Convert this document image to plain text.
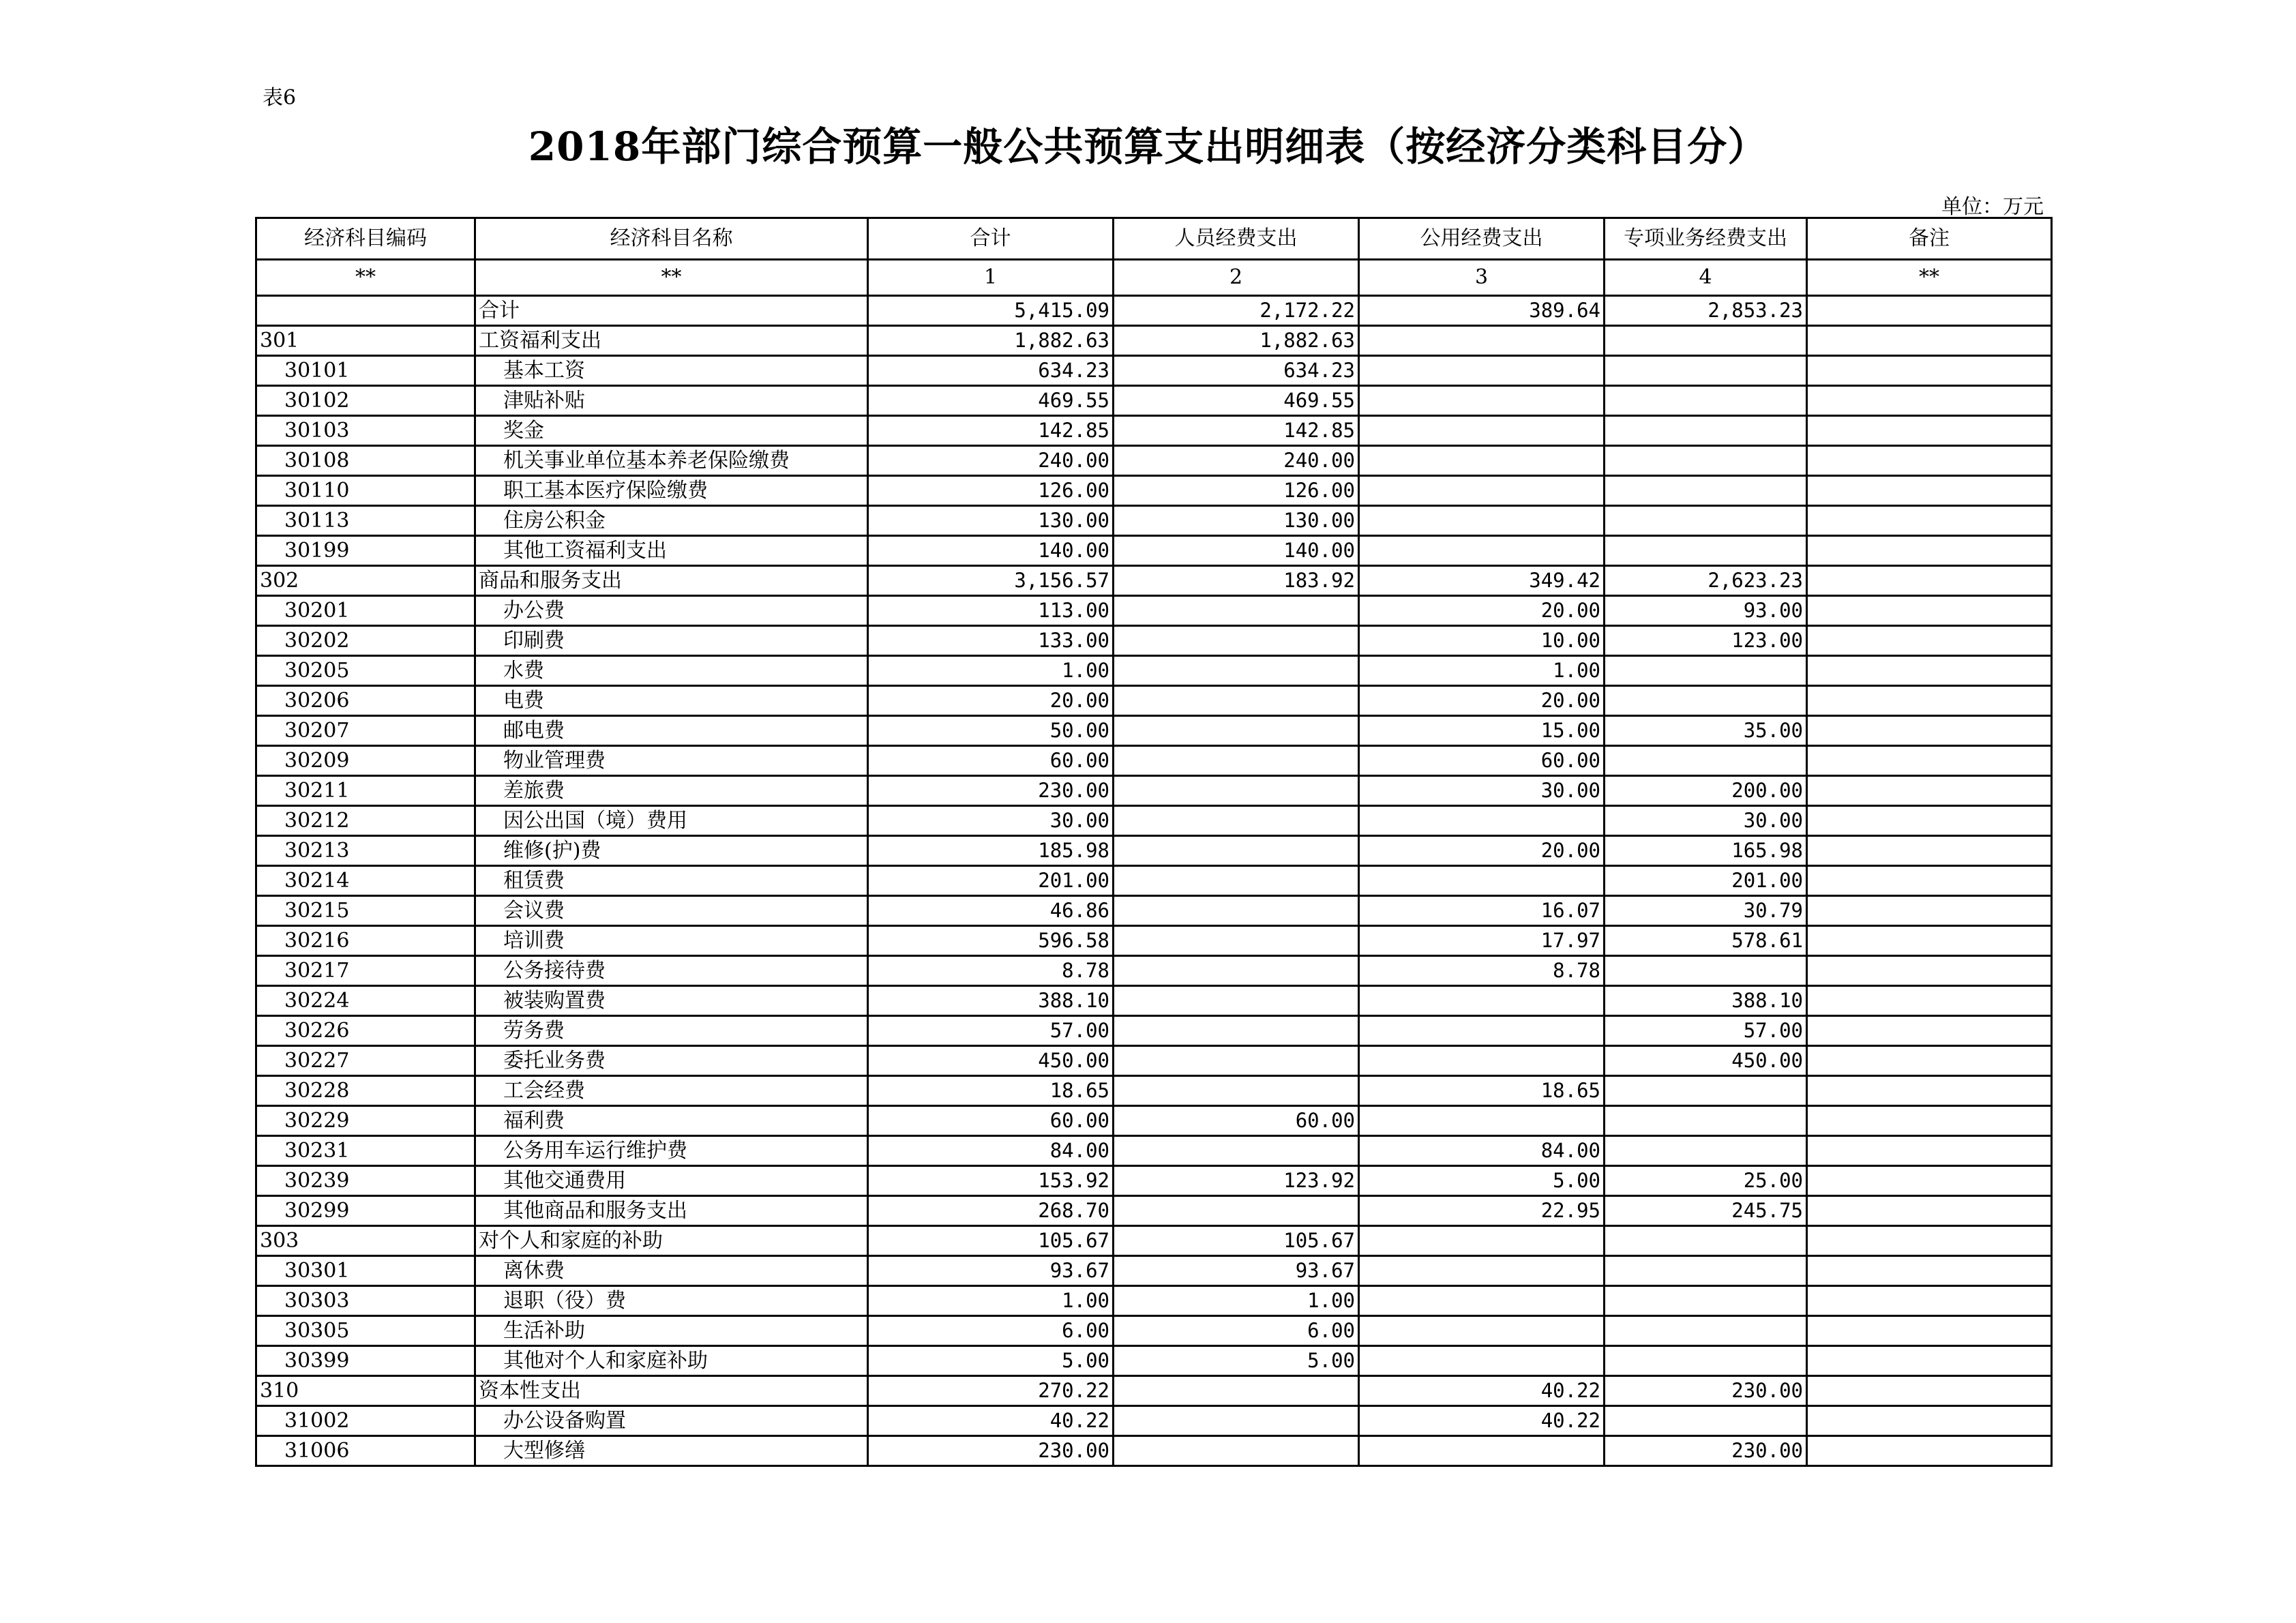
表6
2018年部门综合预算一般公共预算支出明细表（按经济分类科目分）
单位：万元
经济科目编码	经济科目名称	合计	人员经费支出	公用经费支出	专项业务经费支出	备注
**	**	1	2	3	4	**
	合计	5,415.09	2,172.22	389.64	2,853.23	
301	工资福利支出	1,882.63	1,882.63			
30101	基本工资	634.23	634.23			
30102	津贴补贴	469.55	469.55			
30103	奖金	142.85	142.85			
30108	机关事业单位基本养老保险缴费	240.00	240.00			
30110	职工基本医疗保险缴费	126.00	126.00			
30113	住房公积金	130.00	130.00			
30199	其他工资福利支出	140.00	140.00			
302	商品和服务支出	3,156.57	183.92	349.42	2,623.23	
30201	办公费	113.00		20.00	93.00	
30202	印刷费	133.00		10.00	123.00	
30205	水费	1.00		1.00		
30206	电费	20.00		20.00		
30207	邮电费	50.00		15.00	35.00	
30209	物业管理费	60.00		60.00		
30211	差旅费	230.00		30.00	200.00	
30212	因公出国（境）费用	30.00			30.00	
30213	维修(护)费	185.98		20.00	165.98	
30214	租赁费	201.00			201.00	
30215	会议费	46.86		16.07	30.79	
30216	培训费	596.58		17.97	578.61	
30217	公务接待费	8.78		8.78		
30224	被装购置费	388.10			388.10	
30226	劳务费	57.00			57.00	
30227	委托业务费	450.00			450.00	
30228	工会经费	18.65		18.65		
30229	福利费	60.00	60.00			
30231	公务用车运行维护费	84.00		84.00		
30239	其他交通费用	153.92	123.92	5.00	25.00	
30299	其他商品和服务支出	268.70		22.95	245.75	
303	对个人和家庭的补助	105.67	105.67			
30301	离休费	93.67	93.67			
30303	退职（役）费	1.00	1.00			
30305	生活补助	6.00	6.00			
30399	其他对个人和家庭补助	5.00	5.00			
310	资本性支出	270.22		40.22	230.00	
31002	办公设备购置	40.22		40.22		
31006	大型修缮	230.00			230.00	
